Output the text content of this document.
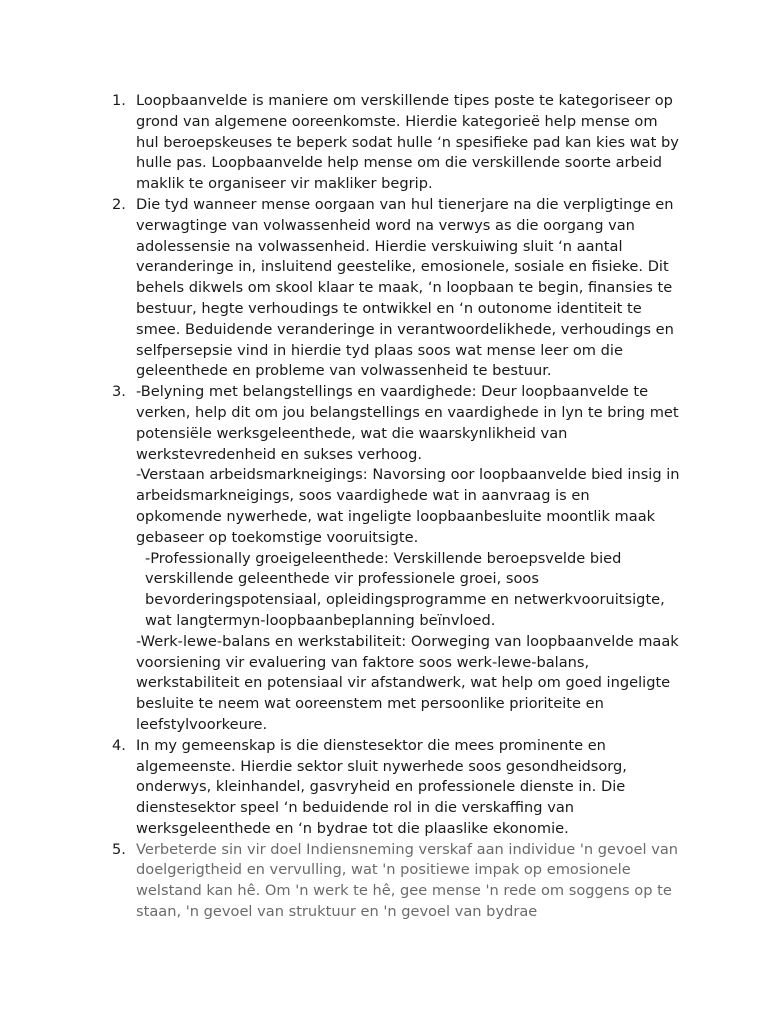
1. Loopbaanvelde is maniere om verskillende tipes poste te kategoriseer op grond van algemene ooreenkomste. Hierdie kategorieë help mense om hul beroepskeuses te beperk sodat hulle ‘n spesifieke pad kan kies wat by hulle pas. Loopbaanvelde help mense om die verskillende soorte arbeid maklik te organiseer vir makliker begrip.

2. Die tyd wanneer mense oorgaan van hul tienerjare na die verpligtinge en verwagtinge van volwassenheid word na verwys as die oorgang van adolessensie na volwassenheid. Hierdie verskuiwing sluit ‘n aantal veranderinge in, insluitend geestelike, emosionele, sosiale en fisieke. Dit behels dikwels om skool klaar te maak, ‘n loopbaan te begin, finansies te bestuur, hegte verhoudings te ontwikkel en ‘n outonome identiteit te smee. Beduidende veranderinge in verantwoordelikhede, verhoudings en selfpersepsie vind in hierdie tyd plaas soos wat mense leer om die geleenthede en probleme van volwassenheid te bestuur.

3. -Belyning met belangstellings en vaardighede: Deur loopbaanvelde te verken, help dit om jou belangstellings en vaardighede in lyn te bring met potensiële werksgeleenthede, wat die waarskynlikheid van werkstevredenheid en sukses verhoog.

-Verstaan arbeidsmarkneigings: Navorsing oor loopbaanvelde bied insig in arbeidsmarkneigings, soos vaardighede wat in aanvraag is en opkomende nywerhede, wat ingeligte loopbaanbesluite moontlik maak gebaseer op toekomstige vooruitsigte.

-Professionally groeigeleenthede: Verskillende beroepsvelde bied verskillende geleenthede vir professionele groei, soos bevorderingspotensiaal, opleidingsprogramme en netwerkvooruitsigte, wat langtermyn-loopbaanbeplanning beïnvloed.

-Werk-lewe-balans en werkstabiliteit: Oorweging van loopbaanvelde maak voorsiening vir evaluering van faktore soos werk-lewe-balans, werkstabiliteit en potensiaal vir afstandwerk, wat help om goed ingeligte besluite te neem wat ooreenstem met persoonlike prioriteite en leefstylvoorkeure.

4. In my gemeenskap is die dienstesektor die mees prominente en algemeenste. Hierdie sektor sluit nywerhede soos gesondheidsorg, onderwys, kleinhandel, gasvryheid en professionele dienste in. Die dienstesektor speel ‘n beduidende rol in die verskaffing van werksgeleenthede en ‘n bydrae tot die plaaslike ekonomie.

5. Verbeterde sin vir doel Indiensneming verskaf aan individue 'n gevoel van doelgerigtheid en vervulling, wat 'n positiewe impak op emosionele welstand kan hê. Om 'n werk te hê, gee mense 'n rede om soggens op te staan, 'n gevoel van struktuur en 'n gevoel van bydrae
